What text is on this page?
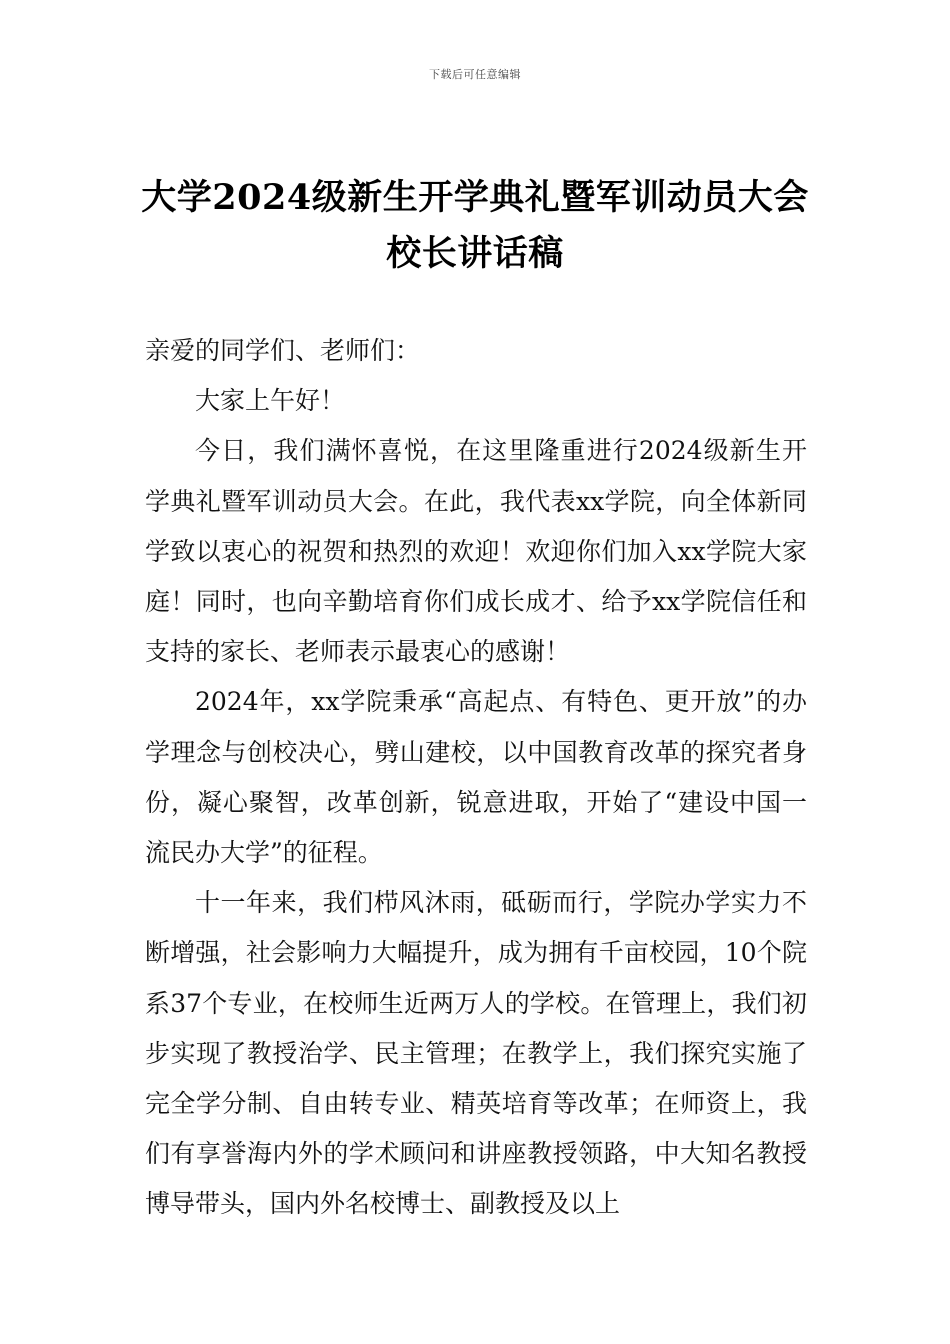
下载后可任意编辑
大学2024级新生开学典礼暨军训动员大会
校长讲话稿

亲爱的同学们、老师们：

大家上午好！

今日，我们满怀喜悦，在这里隆重进行2024级新生开学典礼暨军训动员大会。在此，我代表xx学院，向全体新同学致以衷心的祝贺和热烈的欢迎！欢迎你们加入xx学院大家庭！同时，也向辛勤培育你们成长成才、给予xx学院信任和支持的家长、老师表示最衷心的感谢！

2024年，xx学院秉承“高起点、有特色、更开放”的办学理念与创校决心，劈山建校，以中国教育改革的探究者身份，凝心聚智，改革创新，锐意进取，开始了“建设中国一流民办大学”的征程。

十一年来，我们栉风沐雨，砥砺而行，学院办学实力不断增强，社会影响力大幅提升，成为拥有千亩校园，10个院系37个专业，在校师生近两万人的学校。在管理上，我们初步实现了教授治学、民主管理；在教学上，我们探究实施了完全学分制、自由转专业、精英培育等改革；在师资上，我们有享誉海内外的学术顾问和讲座教授领路，中大知名教授博导带头，国内外名校博士、副教授及以上
